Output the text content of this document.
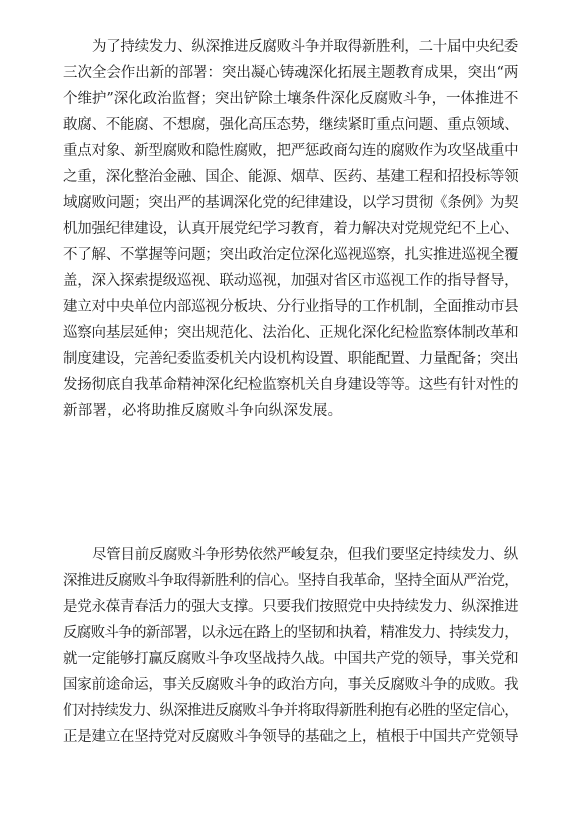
为了持续发力、纵深推进反腐败斗争并取得新胜利，二十届中央纪委
三次全会作出新的部署：突出凝心铸魂深化拓展主题教育成果，突出“两
个维护”深化政治监督；突出铲除土壤条件深化反腐败斗争，一体推进不
敢腐、不能腐、不想腐，强化高压态势，继续紧盯重点问题、重点领域、
重点对象、新型腐败和隐性腐败，把严惩政商勾连的腐败作为攻坚战重中
之重，深化整治金融、国企、能源、烟草、医药、基建工程和招投标等领
域腐败问题；突出严的基调深化党的纪律建设，以学习贯彻《条例》为契
机加强纪律建设，认真开展党纪学习教育，着力解决对党规党纪不上心、
不了解、不掌握等问题；突出政治定位深化巡视巡察，扎实推进巡视全覆
盖，深入探索提级巡视、联动巡视，加强对省区市巡视工作的指导督导，
建立对中央单位内部巡视分板块、分行业指导的工作机制，全面推动市县
巡察向基层延伸；突出规范化、法治化、正规化深化纪检监察体制改革和
制度建设，完善纪委监委机关内设机构设置、职能配置、力量配备；突出
发扬彻底自我革命精神深化纪检监察机关自身建设等等。这些有针对性的
新部署，必将助推反腐败斗争向纵深发展。
尽管目前反腐败斗争形势依然严峻复杂，但我们要坚定持续发力、纵
深推进反腐败斗争取得新胜利的信心。坚持自我革命，坚持全面从严治党，
是党永葆青春活力的强大支撑。只要我们按照党中央持续发力、纵深推进
反腐败斗争的新部署，以永远在路上的坚韧和执着，精准发力、持续发力，
就一定能够打赢反腐败斗争攻坚战持久战。中国共产党的领导，事关党和
国家前途命运，事关反腐败斗争的政治方向，事关反腐败斗争的成败。我
们对持续发力、纵深推进反腐败斗争并将取得新胜利抱有必胜的坚定信心，
正是建立在坚持党对反腐败斗争领导的基础之上，植根于中国共产党领导
